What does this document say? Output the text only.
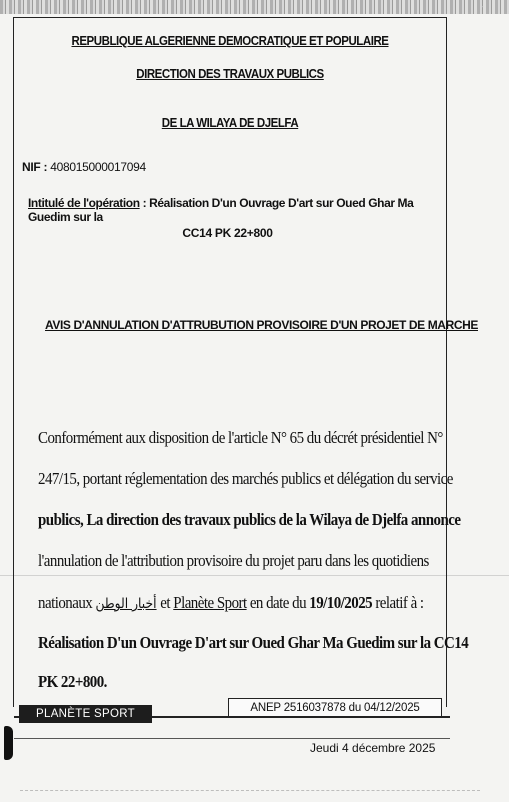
·
REPUBLIQUE ALGERIENNE DEMOCRATIQUE ET POPULAIRE
DIRECTION DES TRAVAUX PUBLICS
DE LA WILAYA DE DJELFA
NIF : 408015000017094
Intitulé de l'opération : Réalisation D'un Ouvrage D'art sur Oued Ghar Ma Guedim sur la
CC14 PK 22+800
AVIS D'ANNULATION D'ATTRUBUTION PROVISOIRE D'UN PROJET DE MARCHE
Conformément aux disposition de l'article N° 65 du décrét présidentiel N°
247/15, portant réglementation des marchés publics et délégation du service
publics, La direction des travaux publics de la Wilaya de Djelfa annonce
l'annulation de l'attribution provisoire du projet paru dans les quotidiens
nationaux أخبار الوطن et Planète Sport en date du 19/10/2025 relatif à :
Réalisation D'un Ouvrage D'art sur Oued Ghar Ma Guedim sur la CC14
PK 22+800.
ANEP 2516037878 du 04/12/2025
PLANÈTE SPORT
Jeudi 4 décembre 2025
